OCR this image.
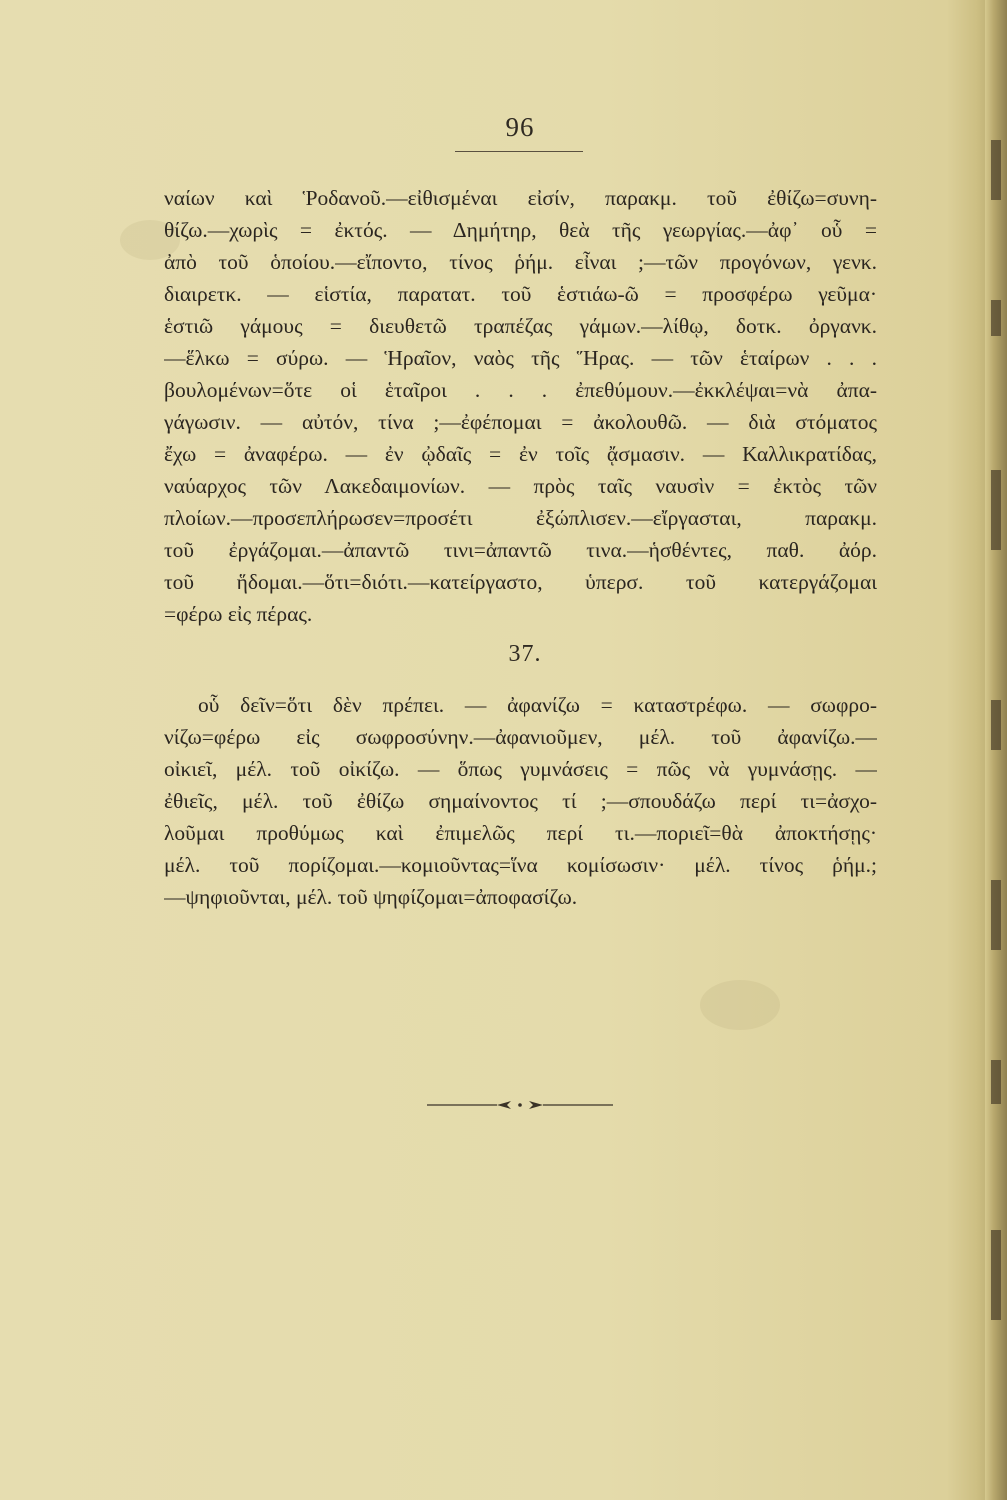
96
ναίων καὶ Ῥοδανοῦ.—εἰθισμέναι εἰσίν, παρακμ. τοῦ ἐθίζω=συνη-
θίζω.—χωρὶς = ἐκτός. — Δημήτηρ, θεὰ τῆς γεωργίας.—ἀφ᾽ οὗ =
ἀπὸ τοῦ ὁποίου.—εἴποντο, τίνος ῥήμ. εἶναι ;—τῶν προγόνων, γενκ.
διαιρετκ. — εἱστία, παρατατ. τοῦ ἑστιάω-ῶ = προσφέρω γεῦμα·
ἑστιῶ γάμους = διευθετῶ τραπέζας γάμων.—λίθῳ, δοτκ. ὀργανκ.
—ἕλκω = σύρω. — Ἡραῖον, ναὸς τῆς Ἥρας. — τῶν ἑταίρων . . .
βουλομένων=ὅτε οἱ ἑταῖροι . . . ἐπεθύμουν.—ἐκκλέψαι=νὰ ἀπα-
γάγωσιν. — αὐτόν, τίνα ;—ἐφέπομαι = ἀκολουθῶ. — διὰ στόματος
ἔχω = ἀναφέρω. — ἐν ᾠδαῖς = ἐν τοῖς ᾄσμασιν. — Καλλικρατίδας,
ναύαρχος τῶν Λακεδαιμονίων. — πρὸς ταῖς ναυσὶν = ἐκτὸς τῶν
πλοίων.—προσεπλήρωσεν=προσέτι ἐξώπλισεν.—εἴργασται, παρακμ.
τοῦ ἐργάζομαι.—ἀπαντῶ τινι=ἀπαντῶ τινα.—ἡσθέντες, παθ. ἀόρ.
τοῦ ἥδομαι.—ὅτι=διότι.—κατείργαστο, ὑπερσ. τοῦ κατεργάζομαι
=φέρω εἰς πέρας.
37.
οὗ δεῖν=ὅτι δὲν πρέπει. — ἀφανίζω = καταστρέφω. — σωφρο-
νίζω=φέρω εἰς σωφροσύνην.—ἀφανιοῦμεν, μέλ. τοῦ ἀφανίζω.—
οἰκιεῖ, μέλ. τοῦ οἰκίζω. — ὅπως γυμνάσεις = πῶς νὰ γυμνάσῃς. —
ἐθιεῖς, μέλ. τοῦ ἐθίζω σημαίνοντος τί ;—σπουδάζω περί τι=ἀσχο-
λοῦμαι προθύμως καὶ ἐπιμελῶς περί τι.—ποριεῖ=θὰ ἀποκτήσῃς·
μέλ. τοῦ πορίζομαι.—κομιοῦντας=ἵνα κομίσωσιν· μέλ. τίνος ῥήμ.;
—ψηφιοῦνται, μέλ. τοῦ ψηφίζομαι=ἀποφασίζω.
